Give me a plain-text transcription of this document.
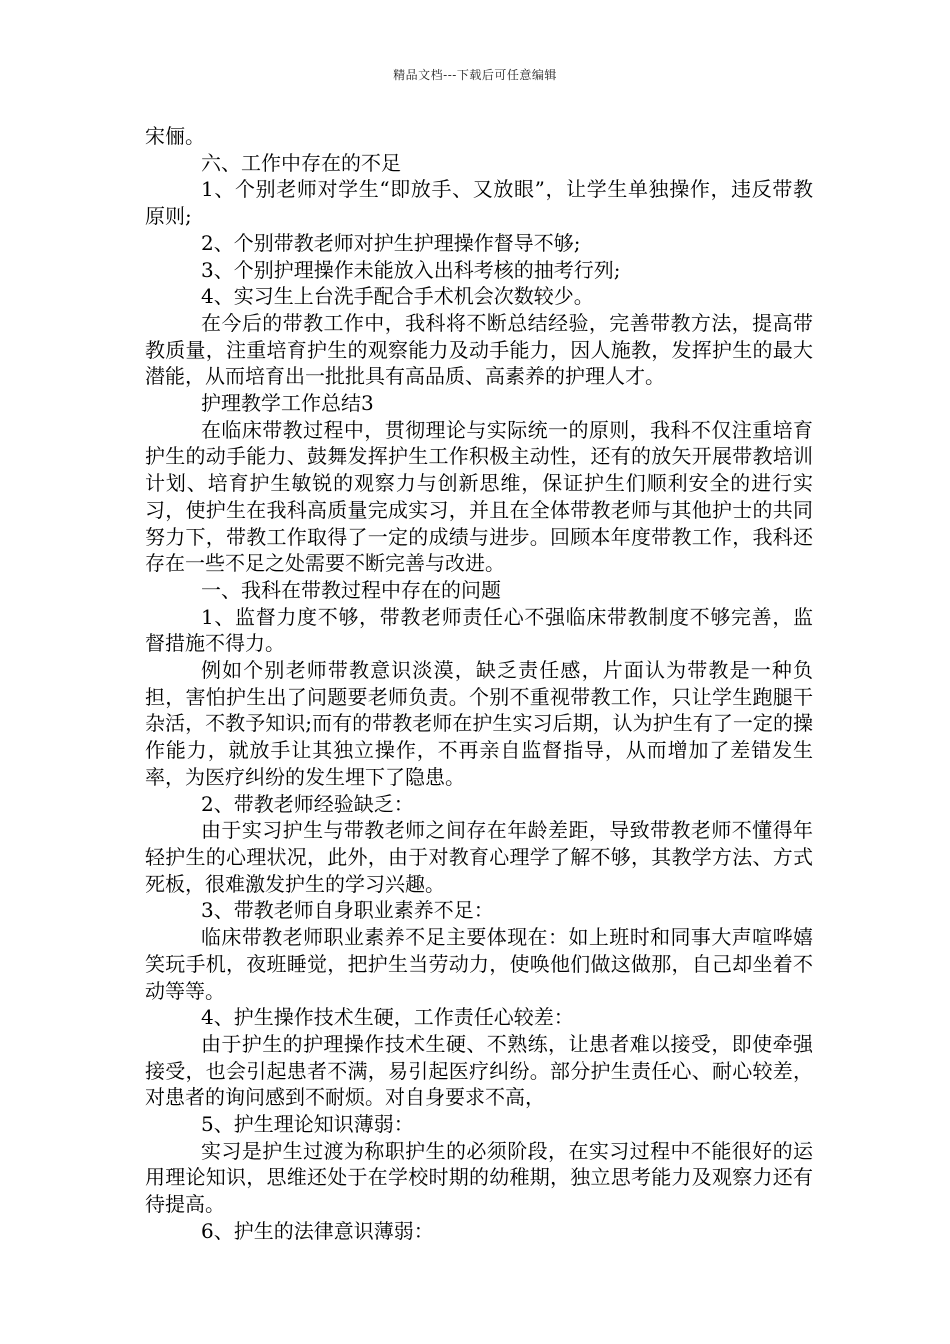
精品文档---下载后可任意编辑

宋俪。

六、工作中存在的不足

1、个别老师对学生“即放手、又放眼”，让学生单独操作，违反带教原则;

2、个别带教老师对护生护理操作督导不够;

3、个别护理操作未能放入出科考核的抽考行列;

4、实习生上台洗手配合手术机会次数较少。

在今后的带教工作中，我科将不断总结经验，完善带教方法，提高带教质量，注重培育护生的观察能力及动手能力，因人施教，发挥护生的最大潜能，从而培育出一批批具有高品质、高素养的护理人才。

护理教学工作总结3

在临床带教过程中，贯彻理论与实际统一的原则，我科不仅注重培育护生的动手能力、鼓舞发挥护生工作积极主动性，还有的放矢开展带教培训计划、培育护生敏锐的观察力与创新思维，保证护生们顺利安全的进行实习，使护生在我科高质量完成实习，并且在全体带教老师与其他护士的共同努力下，带教工作取得了一定的成绩与进步。回顾本年度带教工作，我科还存在一些不足之处需要不断完善与改进。

一、我科在带教过程中存在的问题

1、监督力度不够，带教老师责任心不强临床带教制度不够完善，监督措施不得力。

例如个别老师带教意识淡漠，缺乏责任感，片面认为带教是一种负担，害怕护生出了问题要老师负责。个别不重视带教工作，只让学生跑腿干杂活，不教予知识;而有的带教老师在护生实习后期，认为护生有了一定的操作能力，就放手让其独立操作，不再亲自监督指导，从而增加了差错发生率，为医疗纠纷的发生埋下了隐患。

2、带教老师经验缺乏：

由于实习护生与带教老师之间存在年龄差距，导致带教老师不懂得年轻护生的心理状况，此外，由于对教育心理学了解不够，其教学方法、方式死板，很难激发护生的学习兴趣。

3、带教老师自身职业素养不足：

临床带教老师职业素养不足主要体现在：如上班时和同事大声喧哗嬉笑玩手机，夜班睡觉，把护生当劳动力，使唤他们做这做那，自己却坐着不动等等。

4、护生操作技术生硬，工作责任心较差：

由于护生的护理操作技术生硬、不熟练，让患者难以接受，即使牵强接受，也会引起患者不满，易引起医疗纠纷。部分护生责任心、耐心较差，对患者的询问感到不耐烦。对自身要求不高，

5、护生理论知识薄弱：

实习是护生过渡为称职护生的必须阶段，在实习过程中不能很好的运用理论知识，思维还处于在学校时期的幼稚期，独立思考能力及观察力还有待提高。

6、护生的法律意识薄弱：
